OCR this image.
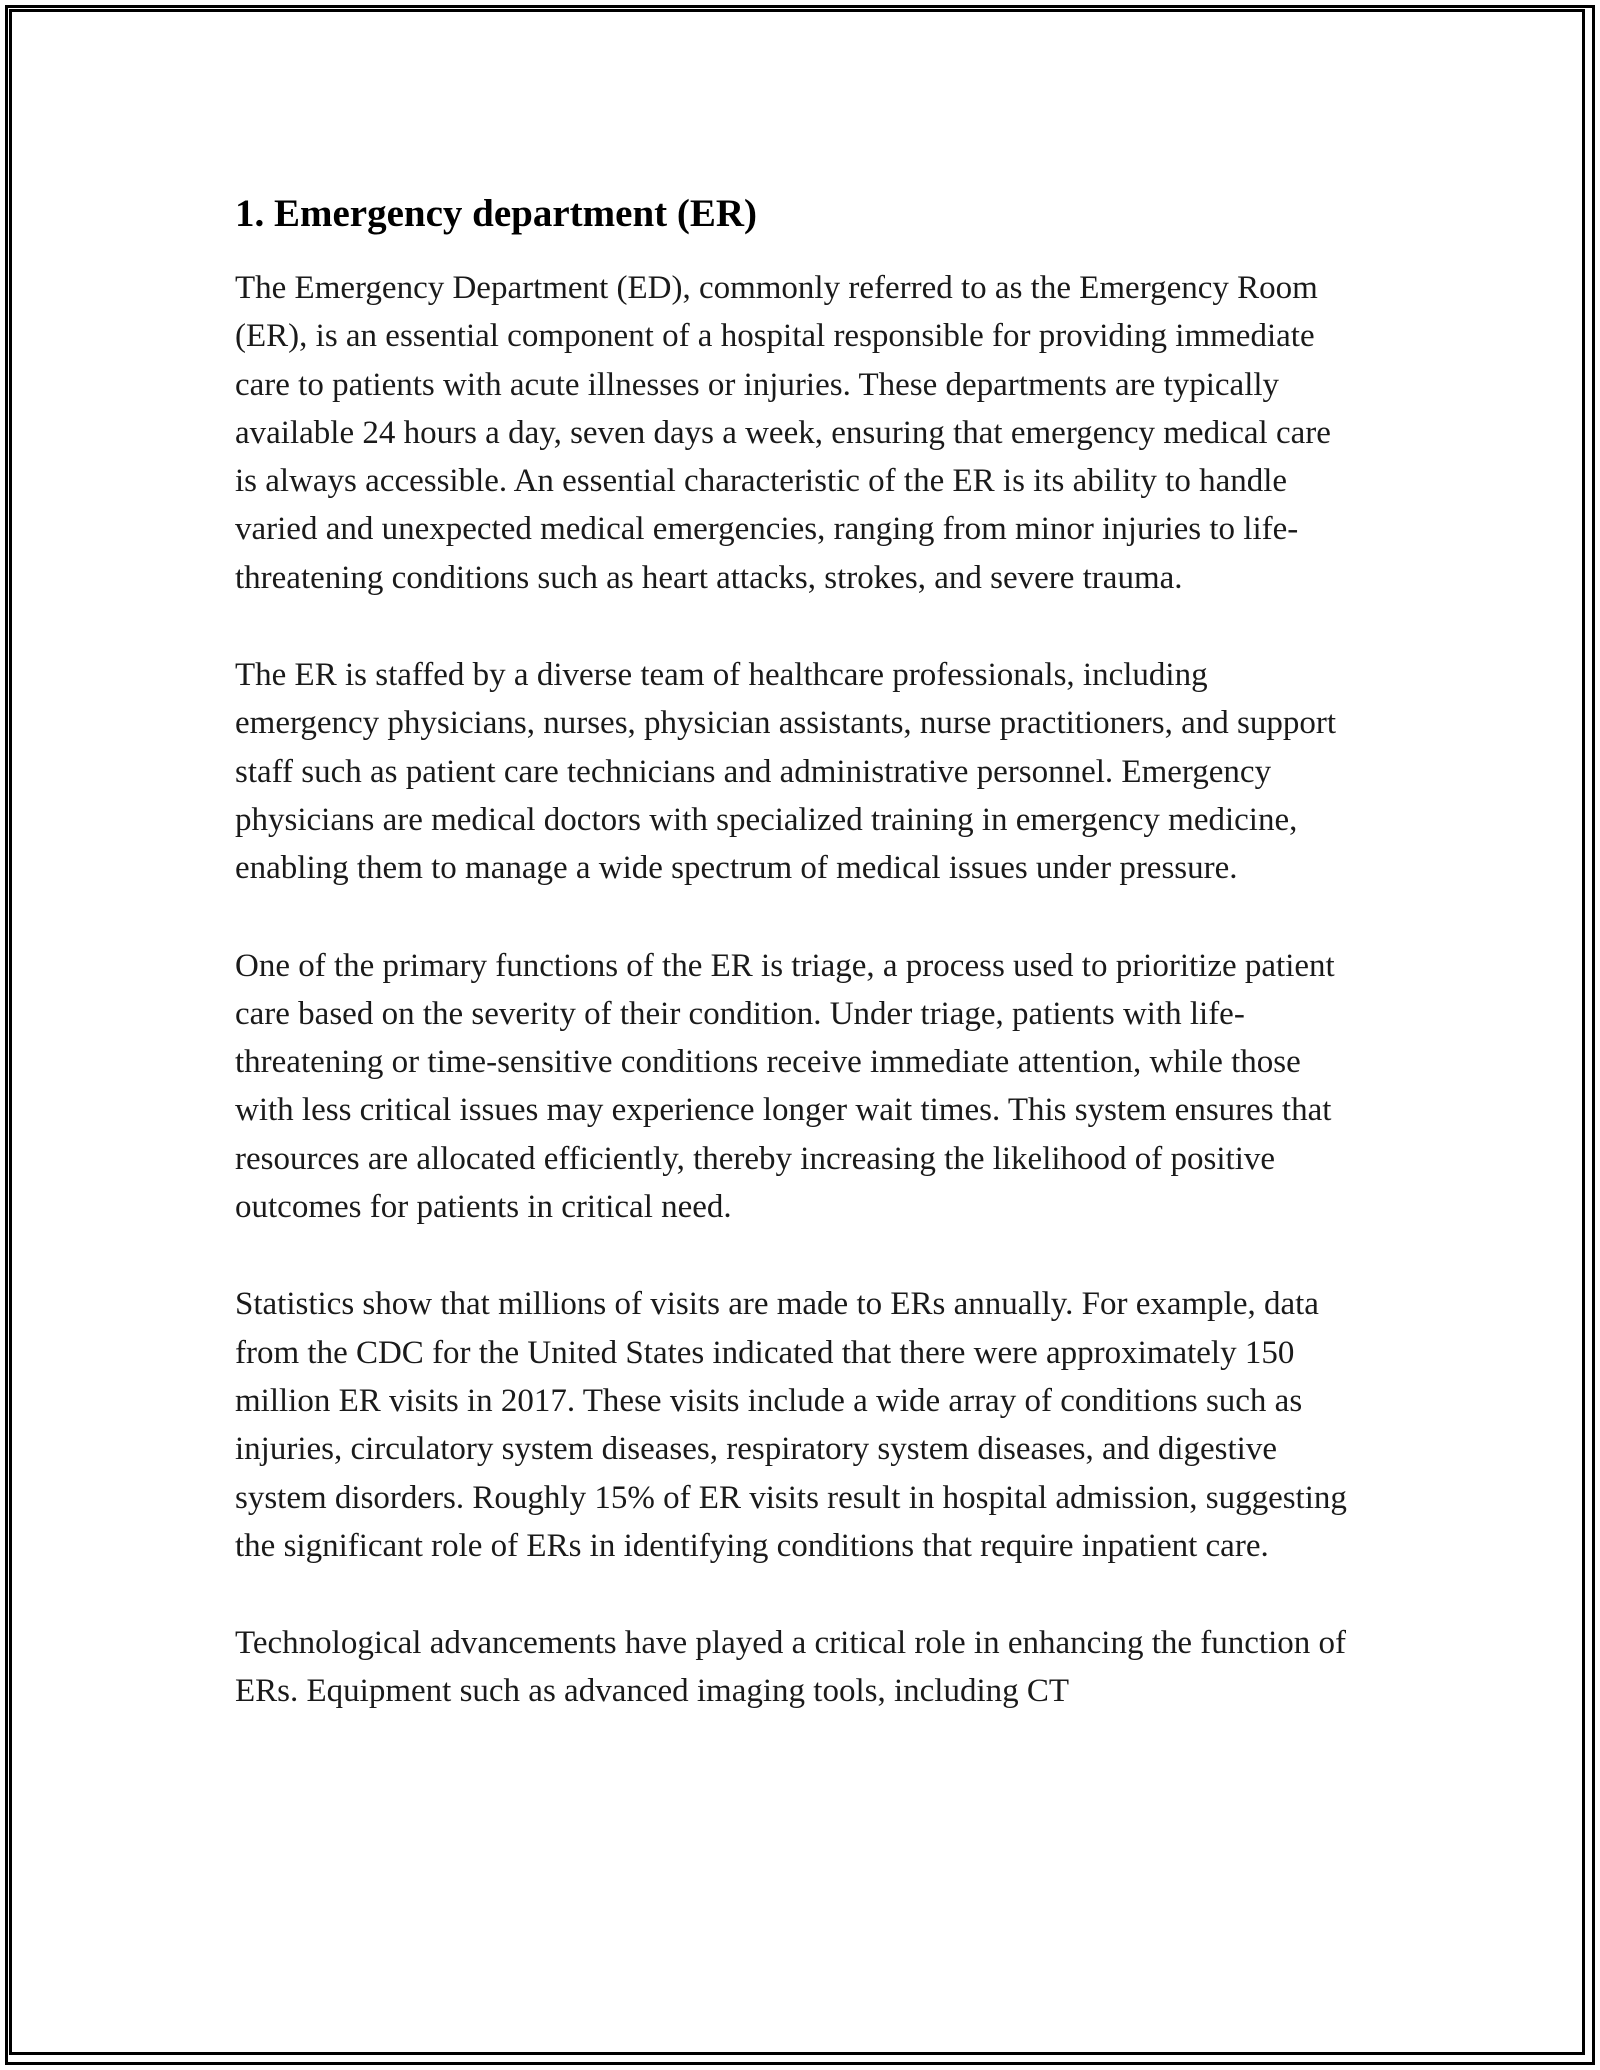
1. Emergency department (ER)

The Emergency Department (ED), commonly referred to as the Emergency Room (ER), is an essential component of a hospital responsible for providing immediate care to patients with acute illnesses or injuries. These departments are typically available 24 hours a day, seven days a week, ensuring that emergency medical care is always accessible. An essential characteristic of the ER is its ability to handle varied and unexpected medical emergencies, ranging from minor injuries to life-threatening conditions such as heart attacks, strokes, and severe trauma.

The ER is staffed by a diverse team of healthcare professionals, including emergency physicians, nurses, physician assistants, nurse practitioners, and support staff such as patient care technicians and administrative personnel. Emergency physicians are medical doctors with specialized training in emergency medicine, enabling them to manage a wide spectrum of medical issues under pressure.

One of the primary functions of the ER is triage, a process used to prioritize patient care based on the severity of their condition. Under triage, patients with life-threatening or time-sensitive conditions receive immediate attention, while those with less critical issues may experience longer wait times. This system ensures that resources are allocated efficiently, thereby increasing the likelihood of positive outcomes for patients in critical need.

Statistics show that millions of visits are made to ERs annually. For example, data from the CDC for the United States indicated that there were approximately 150 million ER visits in 2017. These visits include a wide array of conditions such as injuries, circulatory system diseases, respiratory system diseases, and digestive system disorders. Roughly 15% of ER visits result in hospital admission, suggesting the significant role of ERs in identifying conditions that require inpatient care.

Technological advancements have played a critical role in enhancing the function of ERs. Equipment such as advanced imaging tools, including CT
